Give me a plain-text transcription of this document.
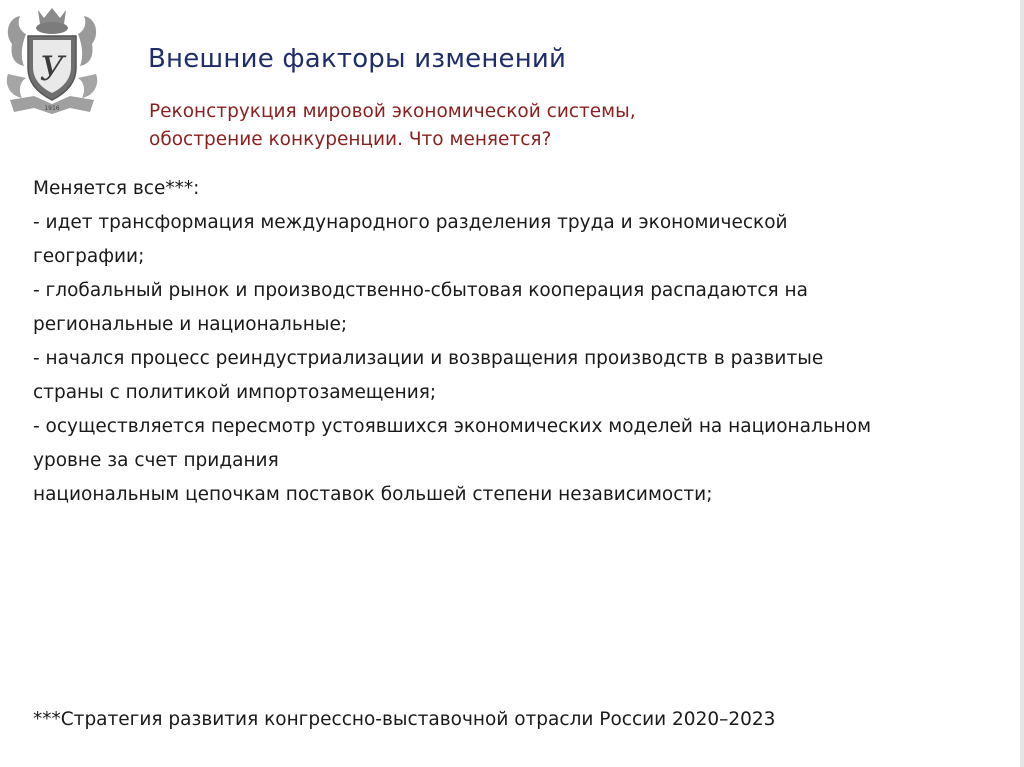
У
1916
Внешние факторы изменений
Реконструкция мировой экономической системы,
обострение конкуренции. Что меняется?
Меняется все***:
- идет трансформация международного разделения труда и экономической
географии;
- глобальный рынок и производственно-сбытовая кооперация распадаются на
региональные и национальные;
- начался процесс реиндустриализации и возвращения производств в развитые
страны с политикой импортозамещения;
- осуществляется пересмотр устоявшихся экономических моделей на национальном
уровне за счет придания
национальным цепочкам поставок большей степени независимости;
***Стратегия развития конгрессно-выставочной отрасли России 2020–2023
